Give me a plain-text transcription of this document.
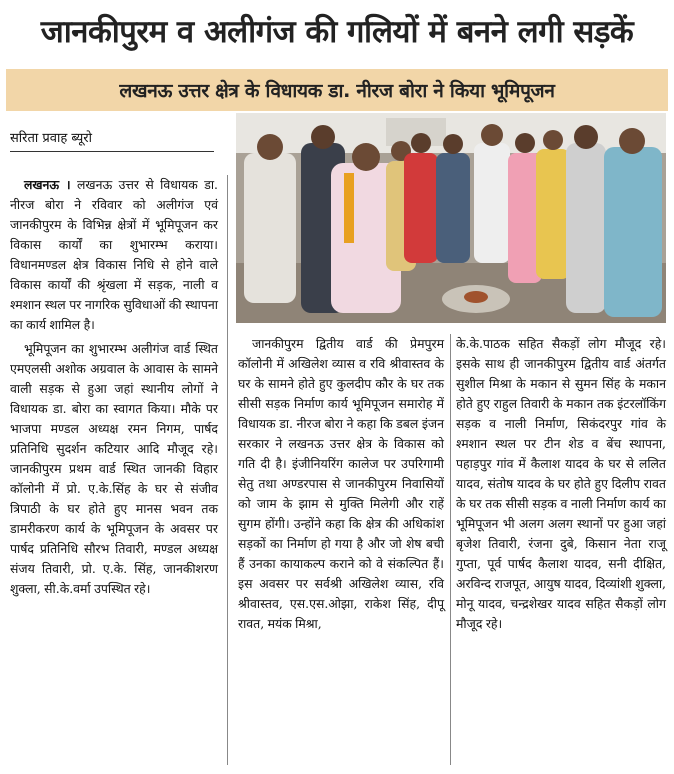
जानकीपुरम व अलीगंज की गलियों में बनने लगी सड़कें
लखनऊ उत्तर क्षेत्र के विधायक डा. नीरज बोरा ने किया भूमिपूजन
सरिता प्रवाह ब्यूरो

लखनऊ । लखनऊ उत्तर से विधायक डा. नीरज बोरा ने रविवार को अलीगंज एवं जानकीपुरम के विभिन्न क्षेत्रों में भूमिपूजन कर विकास कार्यों का शुभारम्भ कराया। विधानमण्डल क्षेत्र विकास निधि से होने वाले विकास कार्यों की श्रृंखला में सड़क, नाली व श्मशान स्थल पर नागरिक सुविधाओं की स्थापना का कार्य शामिल है।

भूमिपूजन का शुभारम्भ अलीगंज वार्ड स्थित एमएलसी अशोक अग्रवाल के आवास के सामने वाली सड़क से हुआ जहां स्थानीय लोगों ने विधायक डा. बोरा का स्वागत किया। मौके पर भाजपा मण्डल अध्यक्ष रमन निगम, पार्षद प्रतिनिधि सुदर्शन कटियार आदि मौजूद रहे। जानकीपुरम प्रथम वार्ड स्थित जानकी विहार कॉलोनी में प्रो. ए.के.सिंह के घर से संजीव त्रिपाठी के घर होते हुए मानस भवन तक डामरीकरण कार्य के भूमिपूजन के अवसर पर पार्षद प्रतिनिधि सौरभ तिवारी, मण्डल अध्यक्ष संजय तिवारी, प्रो. ए.के. सिंह, जानकीशरण शुक्ला, सी.के.वर्मा उपस्थित रहे।

जानकीपुरम द्वितीय वार्ड की प्रेमपुरम कॉलोनी में अखिलेश व्यास व रवि श्रीवास्तव के घर के सामने होते हुए कुलदीप कौर के घर तक सीसी सड़क निर्माण कार्य भूमिपूजन समारोह में विधायक डा. नीरज बोरा ने कहा कि डबल इंजन सरकार ने लखनऊ उत्तर क्षेत्र के विकास को गति दी है। इंजीनियरिंग कालेज पर उपरिगामी सेतु तथा अण्डरपास से जानकीपुरम निवासियों को जाम के झाम से मुक्ति मिलेगी और राहें सुगम होंगी। उन्होंने कहा कि क्षेत्र की अधिकांश सड़कों का निर्माण हो गया है और जो शेष बची हैं उनका कायाकल्प कराने को वे संकल्पित हैं। इस अवसर पर सर्वश्री अखिलेश व्यास, रवि श्रीवास्तव, एस.एस.ओझा, राकेश सिंह, दीपू रावत, मयंक मिश्रा,

के.के.पाठक सहित सैकड़ों लोग मौजूद रहे। इसके साथ ही जानकीपुरम द्वितीय वार्ड अंतर्गत सुशील मिश्रा के मकान से सुमन सिंह के मकान होते हुए राहुल तिवारी के मकान तक इंटरलॉकिंग सड़क व नाली निर्माण, सिकंदरपुर गांव के श्मशान स्थल पर टीन शेड व बेंच स्थापना, पहाड़पुर गांव में कैलाश यादव के घर से ललित यादव, संतोष यादव के घर होते हुए दिलीप रावत के घर तक सीसी सड़क व नाली निर्माण कार्य का भूमिपूजन भी अलग अलग स्थानों पर हुआ जहां बृजेश तिवारी, रंजना दुबे, किसान नेता राजू गुप्ता, पूर्व पार्षद कैलाश यादव, सनी दीक्षित, अरविन्द राजपूत, आयुष यादव, दिव्यांशी शुक्ला, मोनू यादव, चन्द्रशेखर यादव सहित सैकड़ों लोग मौजूद रहे।
